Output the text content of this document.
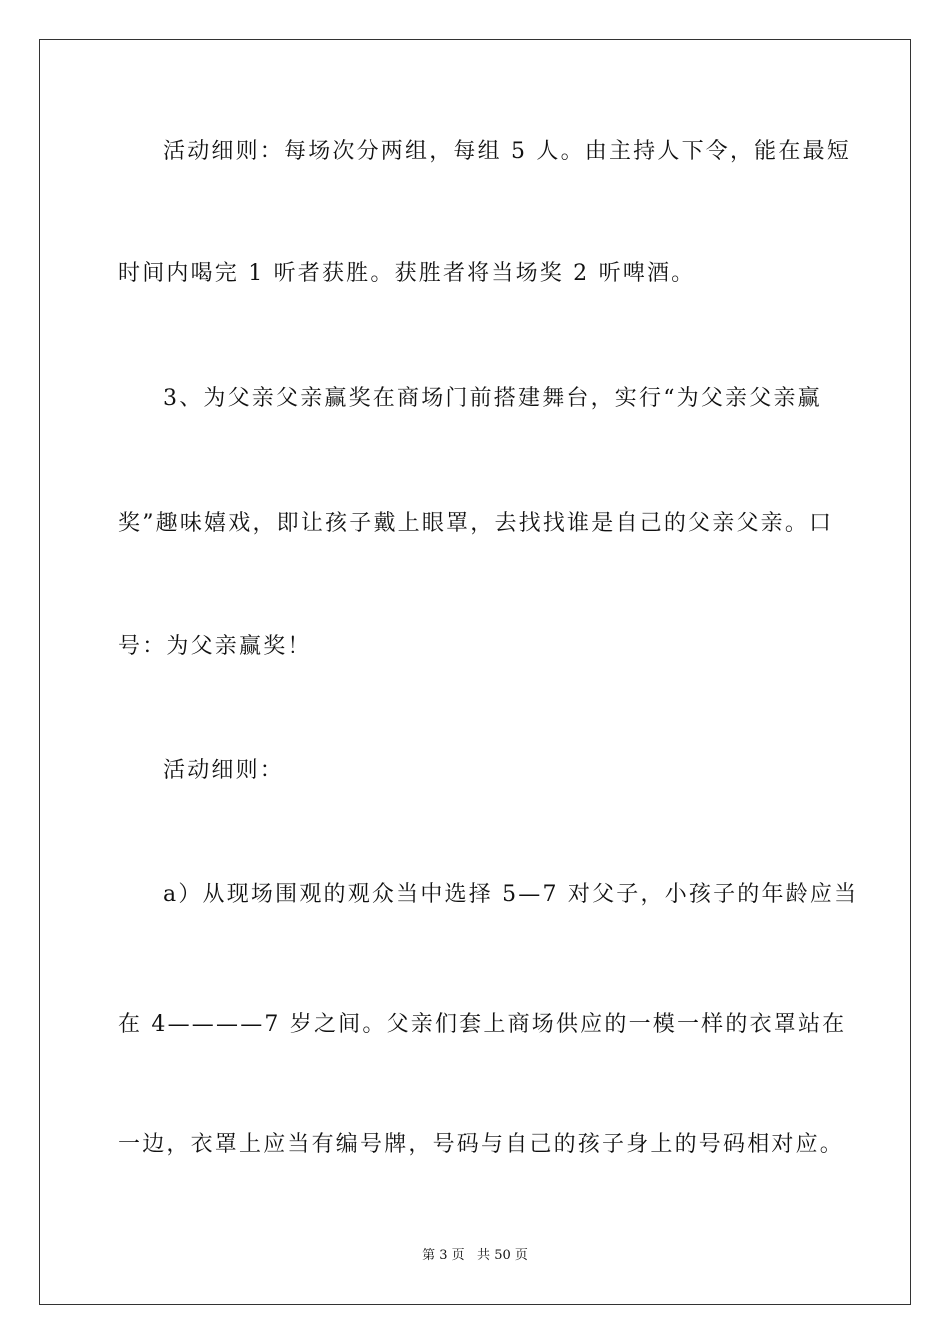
活动细则：每场次分两组，每组 5 人。由主持人下令，能在最短
时间内喝完 1 听者获胜。获胜者将当场奖 2 听啤酒。
3、为父亲父亲赢奖在商场门前搭建舞台，实行“为父亲父亲赢
奖”趣味嬉戏，即让孩子戴上眼罩，去找找谁是自己的父亲父亲。口
号：为父亲赢奖！
活动细则：
a）从现场围观的观众当中选择 5—7 对父子，小孩子的年龄应当
在 4————7 岁之间。父亲们套上商场供应的一模一样的衣罩站在
一边，衣罩上应当有编号牌，号码与自己的孩子身上的号码相对应。
第 3 页   共 50 页
